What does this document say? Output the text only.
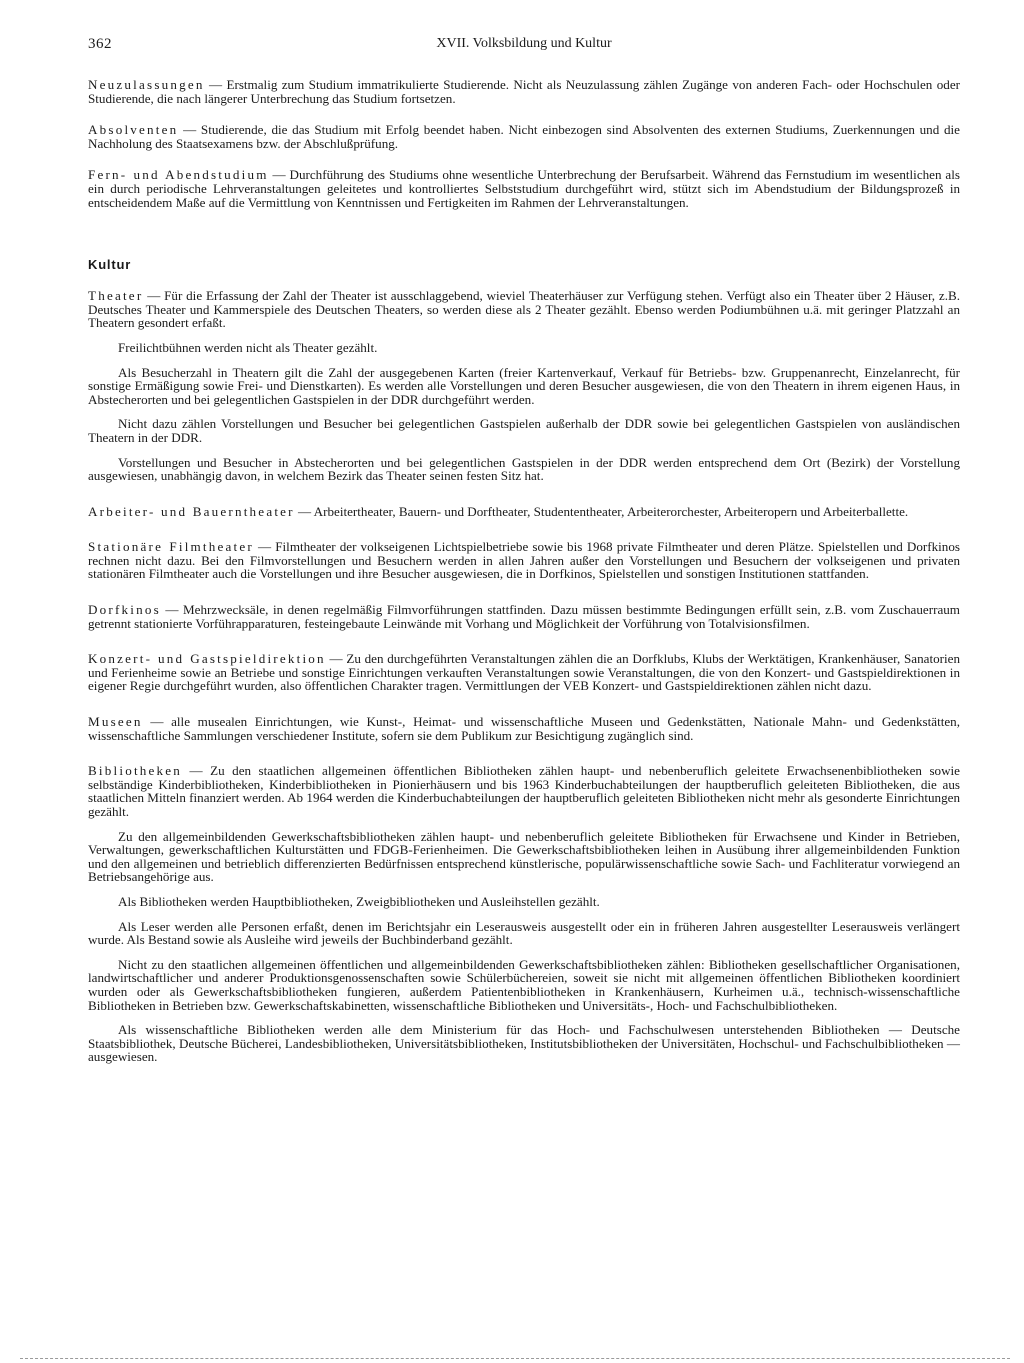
362	XVII. Volksbildung und Kultur

Neuzulassungen — Erstmalig zum Studium immatrikulierte Studierende. Nicht als Neuzulassung zählen Zugänge von anderen Fach- oder Hochschulen oder Studierende, die nach längerer Unterbrechung das Studium fortsetzen.

Absolventen — Studierende, die das Studium mit Erfolg beendet haben. Nicht einbezogen sind Absolventen des externen Studiums, Zuerkennungen und die Nachholung des Staatsexamens bzw. der Abschlußprüfung.

Fern- und Abendstudium — Durchführung des Studiums ohne wesentliche Unterbrechung der Berufsarbeit. Während das Fernstudium im wesentlichen als ein durch periodische Lehrveranstaltungen geleitetes und kontrolliertes Selbststudium durchgeführt wird, stützt sich im Abendstudium der Bildungsprozeß in entscheidendem Maße auf die Vermittlung von Kenntnissen und Fertigkeiten im Rahmen der Lehrveranstaltungen.

Kultur

Theater — Für die Erfassung der Zahl der Theater ist ausschlaggebend, wieviel Theaterhäuser zur Verfügung stehen. Verfügt also ein Theater über 2 Häuser, z.B. Deutsches Theater und Kammerspiele des Deutschen Theaters, so werden diese als 2 Theater gezählt. Ebenso werden Podiumbühnen u.ä. mit geringer Platzzahl an Theatern gesondert erfaßt.

Freilichtbühnen werden nicht als Theater gezählt.

Als Besucherzahl in Theatern gilt die Zahl der ausgegebenen Karten (freier Kartenverkauf, Verkauf für Betriebs- bzw. Gruppenanrecht, Einzelanrecht, für sonstige Ermäßigung sowie Frei- und Dienstkarten). Es werden alle Vorstellungen und deren Besucher ausgewiesen, die von den Theatern in ihrem eigenen Haus, in Abstecherorten und bei gelegentlichen Gastspielen in der DDR durchgeführt werden.

Nicht dazu zählen Vorstellungen und Besucher bei gelegentlichen Gastspielen außerhalb der DDR sowie bei gelegentlichen Gastspielen von ausländischen Theatern in der DDR.

Vorstellungen und Besucher in Abstecherorten und bei gelegentlichen Gastspielen in der DDR werden entsprechend dem Ort (Bezirk) der Vorstellung ausgewiesen, unabhängig davon, in welchem Bezirk das Theater seinen festen Sitz hat.

Arbeiter- und Bauerntheater — Arbeitertheater, Bauern- und Dorftheater, Studententheater, Arbeiterorchester, Arbeiteropern und Arbeiterballette.

Stationäre Filmtheater — Filmtheater der volkseigenen Lichtspielbetriebe sowie bis 1968 private Filmtheater und deren Plätze. Spielstellen und Dorfkinos rechnen nicht dazu. Bei den Filmvorstellungen und Besuchern werden in allen Jahren außer den Vorstellungen und Besuchern der volkseigenen und privaten stationären Filmtheater auch die Vorstellungen und ihre Besucher ausgewiesen, die in Dorfkinos, Spielstellen und sonstigen Institutionen stattfanden.

Dorfkinos — Mehrzwecksäle, in denen regelmäßig Filmvorführungen stattfinden. Dazu müssen bestimmte Bedingungen erfüllt sein, z.B. vom Zuschauerraum getrennt stationierte Vorführapparaturen, festeingebaute Leinwände mit Vorhang und Möglichkeit der Vorführung von Totalvisionsfilmen.

Konzert- und Gastspieldirektion — Zu den durchgeführten Veranstaltungen zählen die an Dorfklubs, Klubs der Werktätigen, Krankenhäuser, Sanatorien und Ferienheime sowie an Betriebe und sonstige Einrichtungen verkauften Veranstaltungen sowie Veranstaltungen, die von den Konzert- und Gastspieldirektionen in eigener Regie durchgeführt wurden, also öffentlichen Charakter tragen. Vermittlungen der VEB Konzert- und Gastspieldirektionen zählen nicht dazu.

Museen — alle musealen Einrichtungen, wie Kunst-, Heimat- und wissenschaftliche Museen und Gedenkstätten, Nationale Mahn- und Gedenkstätten, wissenschaftliche Sammlungen verschiedener Institute, sofern sie dem Publikum zur Besichtigung zugänglich sind.

Bibliotheken — Zu den staatlichen allgemeinen öffentlichen Bibliotheken zählen haupt- und nebenberuflich geleitete Erwachsenenbibliotheken sowie selbständige Kinderbibliotheken, Kinderbibliotheken in Pionierhäusern und bis 1963 Kinderbuchabteilungen der hauptberuflich geleiteten Bibliotheken, die aus staatlichen Mitteln finanziert werden. Ab 1964 werden die Kinderbuchabteilungen der hauptberuflich geleiteten Bibliotheken nicht mehr als gesonderte Einrichtungen gezählt.

Zu den allgemeinbildenden Gewerkschaftsbibliotheken zählen haupt- und nebenberuflich geleitete Bibliotheken für Erwachsene und Kinder in Betrieben, Verwaltungen, gewerkschaftlichen Kulturstätten und FDGB-Ferienheimen. Die Gewerkschaftsbibliotheken leihen in Ausübung ihrer allgemeinbildenden Funktion und den allgemeinen und betrieblich differenzierten Bedürfnissen entsprechend künstlerische, populärwissenschaftliche sowie Sach- und Fachliteratur vorwiegend an Betriebsangehörige aus.

Als Bibliotheken werden Hauptbibliotheken, Zweigbibliotheken und Ausleihstellen gezählt.

Als Leser werden alle Personen erfaßt, denen im Berichtsjahr ein Leserausweis ausgestellt oder ein in früheren Jahren ausgestellter Leserausweis verlängert wurde. Als Bestand sowie als Ausleihe wird jeweils der Buchbinderband gezählt.

Nicht zu den staatlichen allgemeinen öffentlichen und allgemeinbildenden Gewerkschaftsbibliotheken zählen: Bibliotheken gesellschaftlicher Organisationen, landwirtschaftlicher und anderer Produktionsgenossenschaften sowie Schülerbüchereien, soweit sie nicht mit allgemeinen öffentlichen Bibliotheken koordiniert wurden oder als Gewerkschaftsbibliotheken fungieren, außerdem Patientenbibliotheken in Krankenhäusern, Kurheimen u.ä., technisch-wissenschaftliche Bibliotheken in Betrieben bzw. Gewerkschaftskabinetten, wissenschaftliche Bibliotheken und Universitäts-, Hoch- und Fachschulbibliotheken.

Als wissenschaftliche Bibliotheken werden alle dem Ministerium für das Hoch- und Fachschulwesen unterstehenden Bibliotheken — Deutsche Staatsbibliothek, Deutsche Bücherei, Landesbibliotheken, Universitätsbibliotheken, Institutsbibliotheken der Universitäten, Hochschul- und Fachschulbibliotheken — ausgewiesen.
